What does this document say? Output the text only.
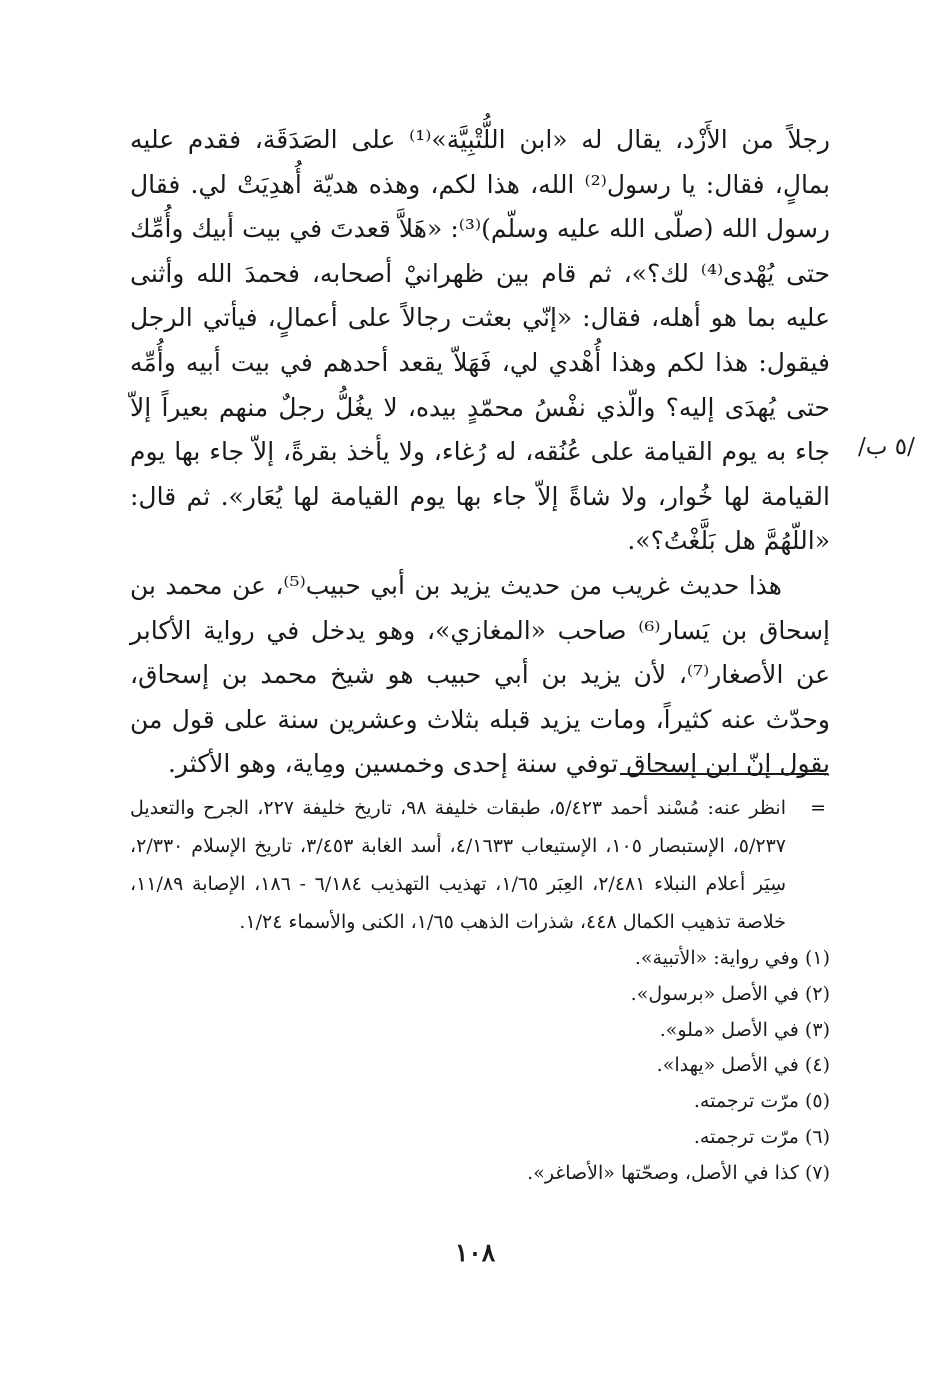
رجلاً من الأَزْد، يقال له «ابن اللُّتْبِيَّة»⁽¹⁾ على الصَدَقَة، فقدم عليه بمالٍ، فقال: يا رسول⁽²⁾ الله، هذا لكم، وهذه هديّة أُهدِيَتْ لي. فقال رسول الله (صلّى الله عليه وسلّم)⁽³⁾: «هَلاَّ قعدتَ في بيت أبيك وأُمِّك حتى يُهْدى⁽⁴⁾ لك؟»، ثم قام بين ظهرانيْ أصحابه، فحمدَ الله وأثنى عليه بما هو أهله، فقال: «إنّي بعثت رجالاً على أعمالٍ، فيأتي الرجل فيقول: هذا لكم وهذا أُهْدي لي، فَهَلاّ يقعد أحدهم في بيت أبيه وأُمِّه حتى يُهدَى إليه؟ والّذي نفْسُ محمّدٍ بيده، لا يغُلُّ رجلٌ منهم بعيراً إلاّ جاء به يوم القيامة على عُنُقه، له رُغاء، ولا يأخذ بقرةً، إلاّ جاء بها يوم القيامة لها خُوار، ولا شاةً إلاّ جاء بها يوم القيامة لها يُعَار». ثم قال: «اللّهُمَّ هل بَلَّغْتُ؟».

هذا حديث غريب من حديث يزيد بن أبي حبيب⁽⁵⁾، عن محمد بن إسحاق بن يَسار⁽⁶⁾ صاحب «المغازي»، وهو يدخل في رواية الأكابر عن الأصغار⁽⁷⁾، لأن يزيد بن أبي حبيب هو شيخ محمد بن إسحاق، وحدّث عنه كثيراً، ومات يزيد قبله بثلاث وعشرين سنة على قول من يقول إنّ ابن إسحاق توفي سنة إحدى وخمسين ومِاية، وهو الأكثر.

/٥ ب/
=
انظر عنه: مُسْند أحمد ٥/٤٢٣، طبقات خليفة ٩٨، تاريخ خليفة ٢٢٧، الجرح والتعديل ٥/٢٣٧، الإستبصار ١٠٥، الإستيعاب ٤/١٦٣٣، أسد الغابة ٣/٤٥٣، تاريخ الإسلام ٢/٣٣٠، سِيَر أعلام النبلاء ٢/٤٨١، العِبَر ١/٦٥، تهذيب التهذيب ٦/١٨٤ - ١٨٦، الإصابة ١١/٨٩، خلاصة تذهيب الكمال ٤٤٨، شذرات الذهب ١/٦٥، الكنى والأسماء ١/٢٤.
(١) وفي رواية: «الأتبية».
(٢) في الأصل «برسول».
(٣) في الأصل «ملو».
(٤) في الأصل «يهدا».
(٥) مرّت ترجمته.
(٦) مرّت ترجمته.
(٧) كذا في الأصل، وصحّتها «الأصاغر».
١٠٨
